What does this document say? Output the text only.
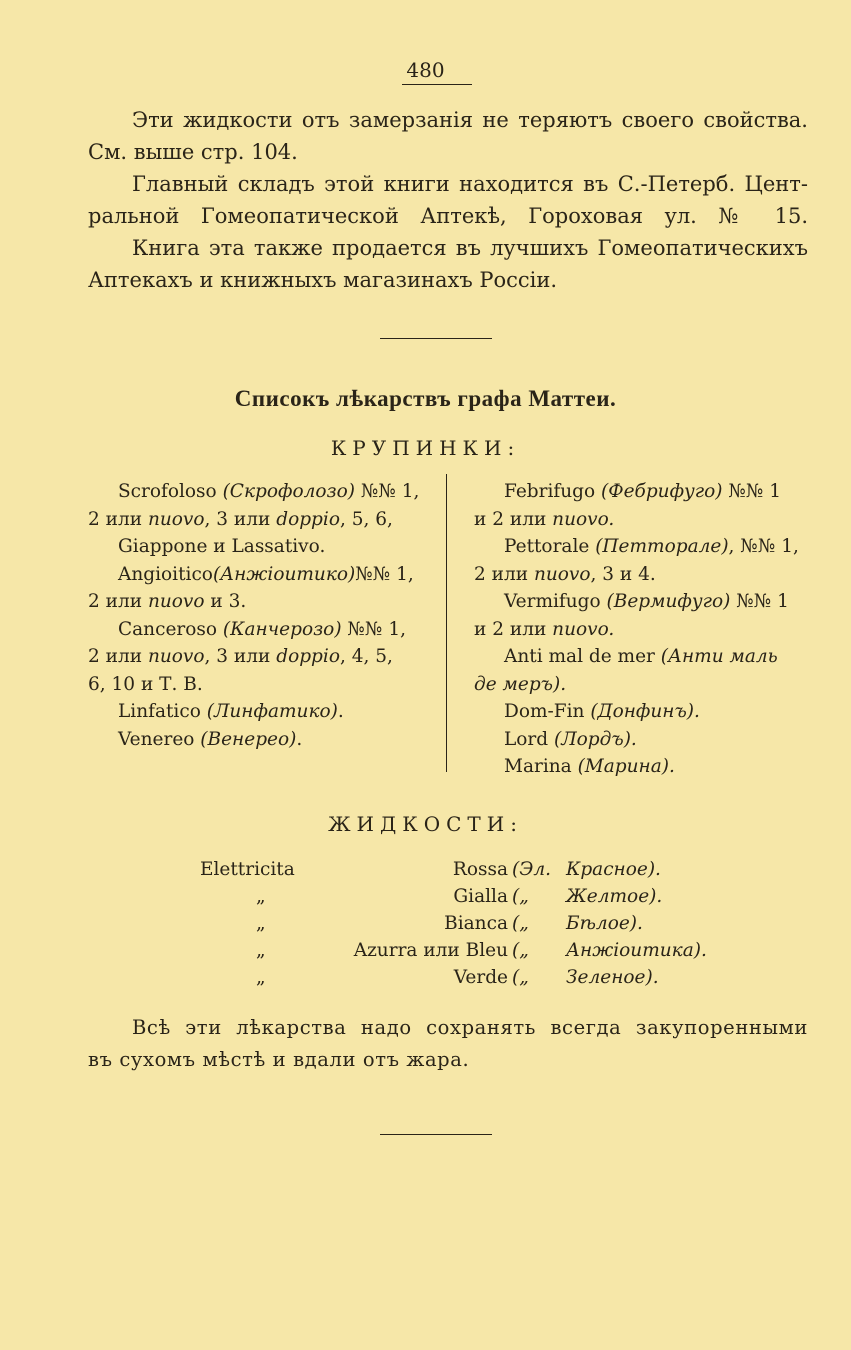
480

Эти жидкости отъ замерзанія не теряютъ своего свойства.

См. выше стр. 104.

Главный складъ этой книги находится въ С.-Петерб. Цент-

ральной Гомеопатической Аптекѣ, Гороховая ул. № 15.

Книга эта также продается въ лучшихъ Гомеопатическихъ

Аптекахъ и книжныхъ магазинахъ Россіи.

Списокъ лѣкарствъ графа Маттеи.
КРУПИНКИ:
Scrofoloso (Скрофолозо) №№ 1,
2 или nuovo, 3 или doppio, 5, 6,
Giappone и Lassativo.
Angioitico(Анжіоитико)№№ 1,
2 или nuovo и 3.
Canceroso (Канчерозо) №№ 1,
2 или nuovo, 3 или doppio, 4, 5,
6, 10 и Т. В.
Linfatico (Линфатико).
Venereo (Венерео).
Febrifugo (Фебрифуго) №№ 1
и 2 или nuovo.
Pettorale (Петторале), №№ 1,
2 или nuovo, 3 и 4.
Vermifugo (Вермифуго) №№ 1
и 2 или nuovo.
Anti mal de mer (Анти маль
де меръ).
Dom-Fin (Донфинъ).
Lord (Лордъ).
Marina (Марина).
ЖИДКОСТИ:
Elettricita	Rossa (Эл. Красное).
Gialla („ Желтое).
Bianca („ Бѣлое).
Azurra или Bleu („ Анжіоитика).
Verde („ Зеленое).
„
„
„
„

Всѣ эти лѣкарства надо сохранять всегда закупоренными

въ сухомъ мѣстѣ и вдали отъ жара.
